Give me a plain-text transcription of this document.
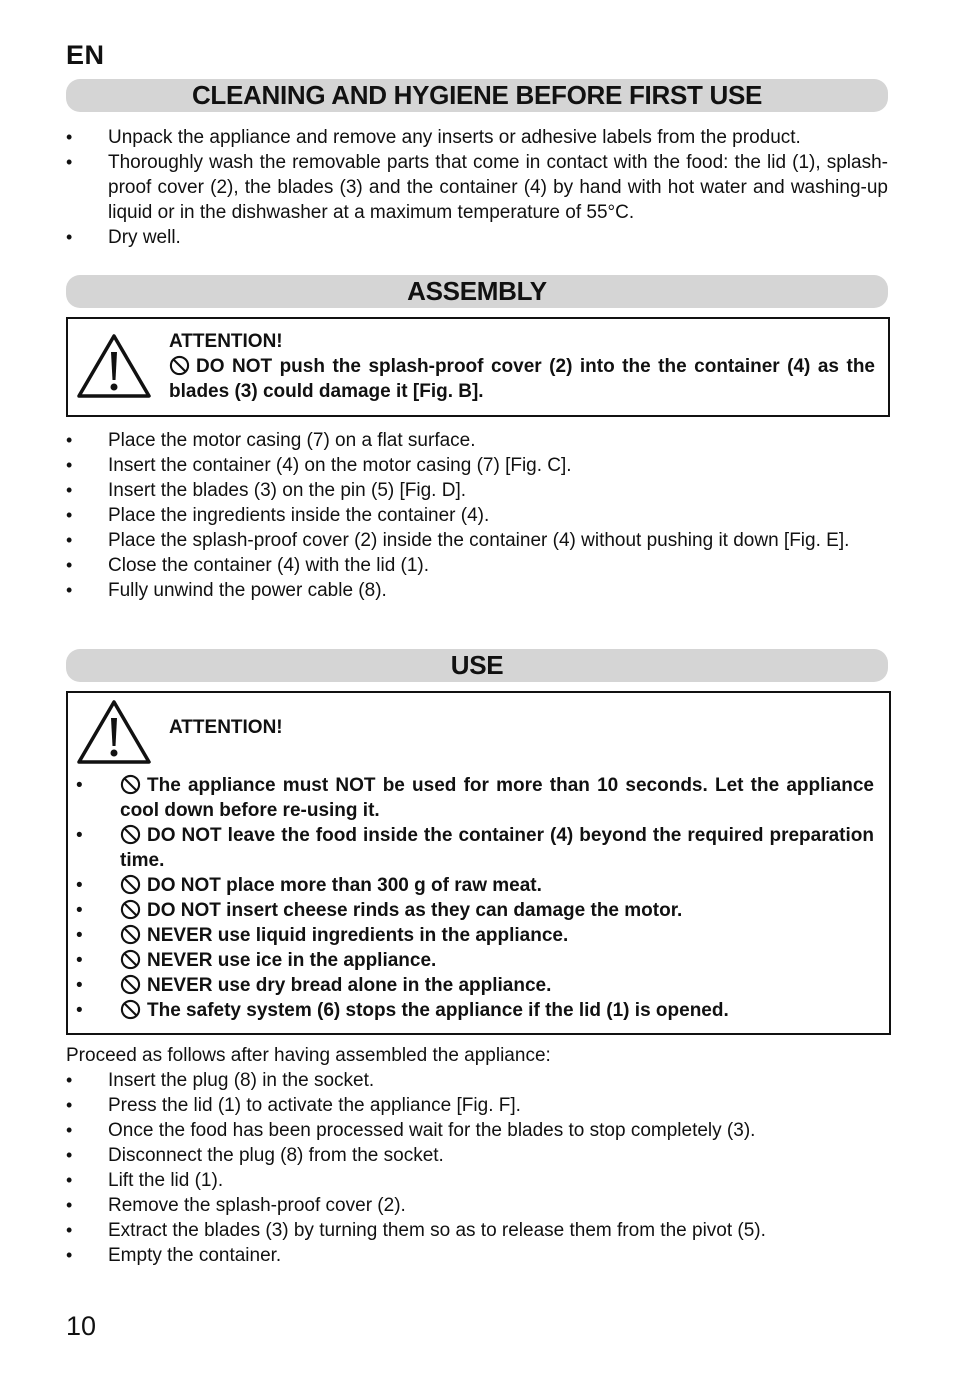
EN
CLEANING AND HYGIENE BEFORE FIRST USE
• Unpack the appliance and remove any inserts or adhesive labels from the product.
• Thoroughly wash the removable parts that come in contact with the food: the lid (1), splash-proof cover (2), the blades (3) and the container (4) by hand with hot water and washing-up liquid or in the dishwasher at a maximum temperature of 55°C.
• Dry well.
ASSEMBLY
ATTENTION!
DO NOT push the splash-proof cover (2) into the the container (4) as the blades (3) could damage it [Fig. B].
• Place the motor casing (7) on a flat surface.
• Insert the container (4) on the motor casing (7) [Fig. C].
• Insert the blades (3) on the pin (5) [Fig. D].
• Place the ingredients inside the container (4).
• Place the splash-proof cover (2) inside the container (4) without pushing it down [Fig. E].
• Close the container (4) with the lid (1).
• Fully unwind the power cable (8).
USE
ATTENTION!
•	The appliance must NOT be used for more than 10 seconds. Let the appliance cool down before re-using it.
•	DO NOT leave the food inside the container (4) beyond the required preparation time.
•	DO NOT place more than 300 g of raw meat.
•	DO NOT insert cheese rinds as they can damage the motor.
•	NEVER use liquid ingredients in the appliance.
•	NEVER use ice in the appliance.
•	NEVER use dry bread alone in the appliance.
•	The safety system (6) stops the appliance if the lid (1) is opened.
Proceed as follows after having assembled the appliance:
• Insert the plug (8) in the socket.
• Press the lid (1) to activate the appliance [Fig. F].
• Once the food has been processed wait for the blades to stop completely (3).
• Disconnect the plug (8) from the socket.
• Lift the lid (1).
• Remove the splash-proof cover (2).
• Extract the blades (3) by turning them so as to release them from the pivot (5).
• Empty the container.
10
